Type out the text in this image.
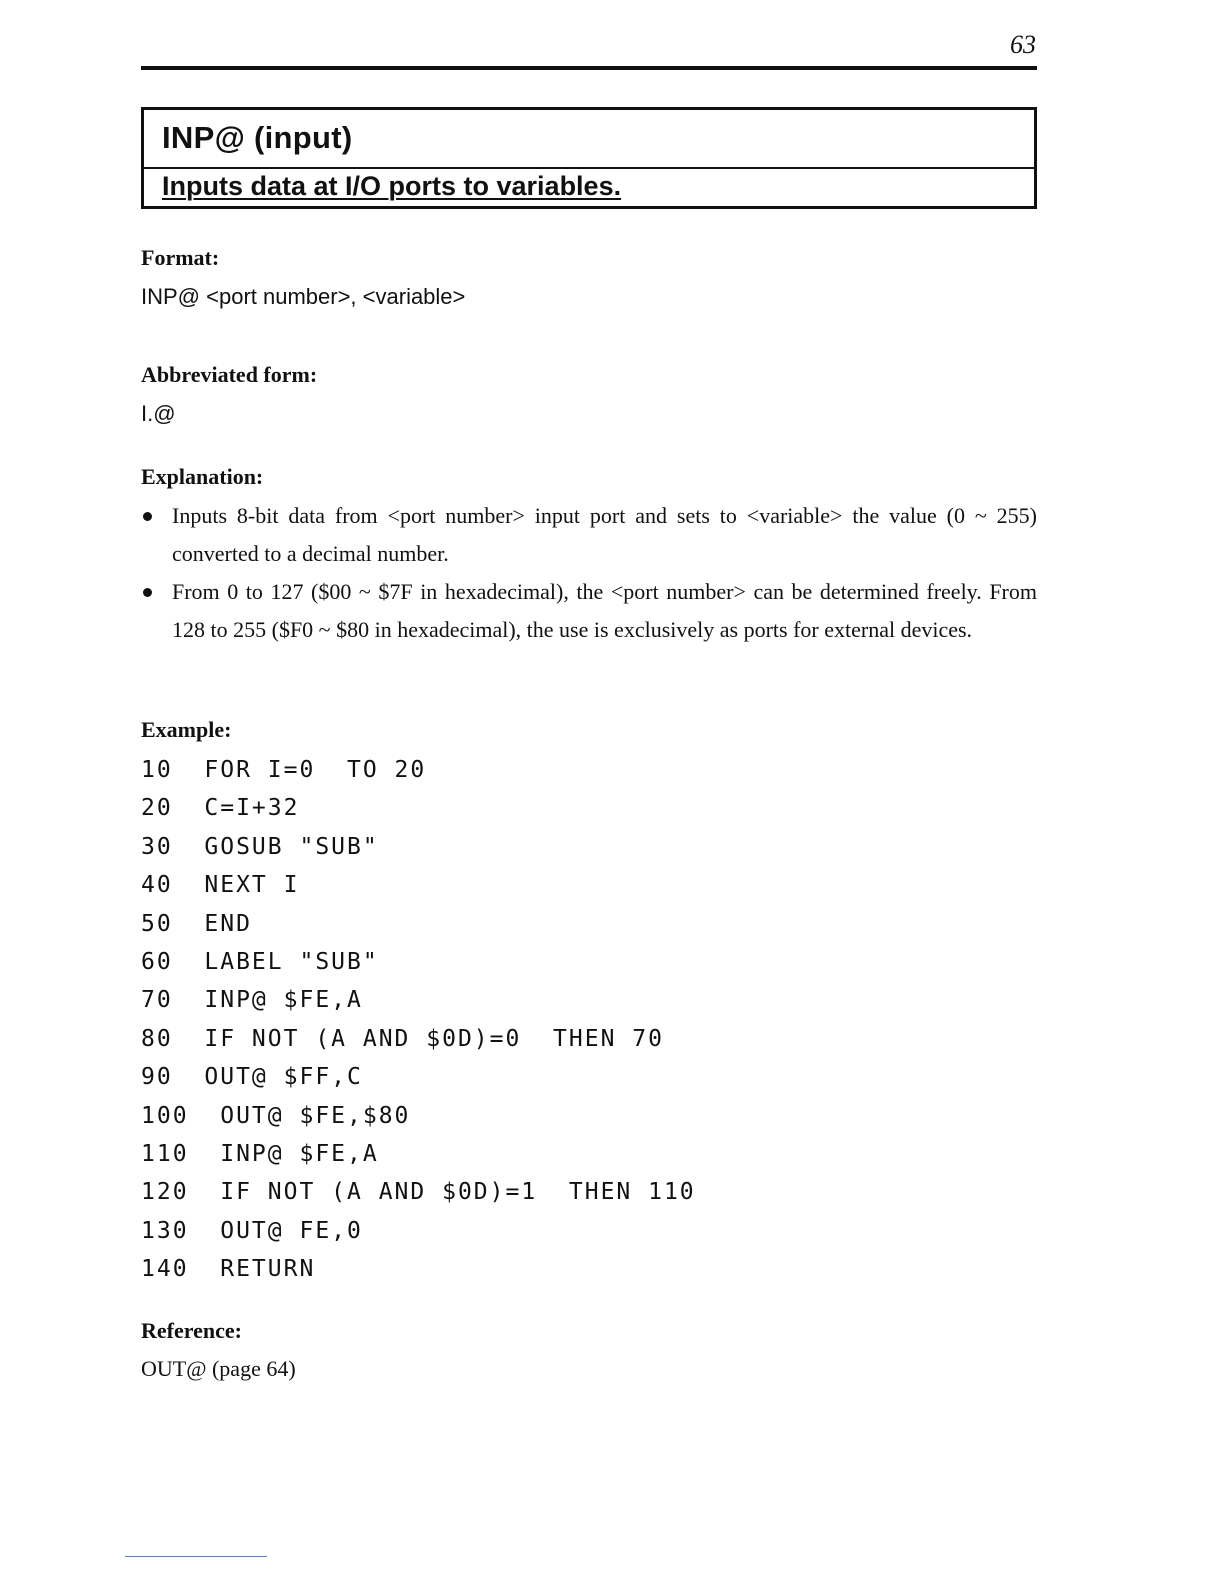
63
INP@ (input)
Inputs data at I/O ports to variables.
Format:
INP@ <port number>, <variable>
Abbreviated form:
I.@
Explanation:
Inputs 8-bit data from <port number> input port and sets to <variable> the value (0 ~ 255) converted to a decimal number.
From 0 to 127 ($00 ~ $7F in hexadecimal), the <port number> can be determined freely. From 128 to 255 ($F0 ~ $80 in hexadecimal), the use is exclusively as ports for external devices.
Example:
10  FOR I=0  TO 20
20  C=I+32
30  GOSUB "SUB"
40  NEXT I
50  END
60  LABEL "SUB"
70  INP@ $FE,A
80  IF NOT (A AND $0D)=0  THEN 70
90  OUT@ $FF,C
100  OUT@ $FE,$80
110  INP@ $FE,A
120  IF NOT (A AND $0D)=1  THEN 110
130  OUT@ FE,0
140  RETURN
Reference:
OUT@ (page 64)
